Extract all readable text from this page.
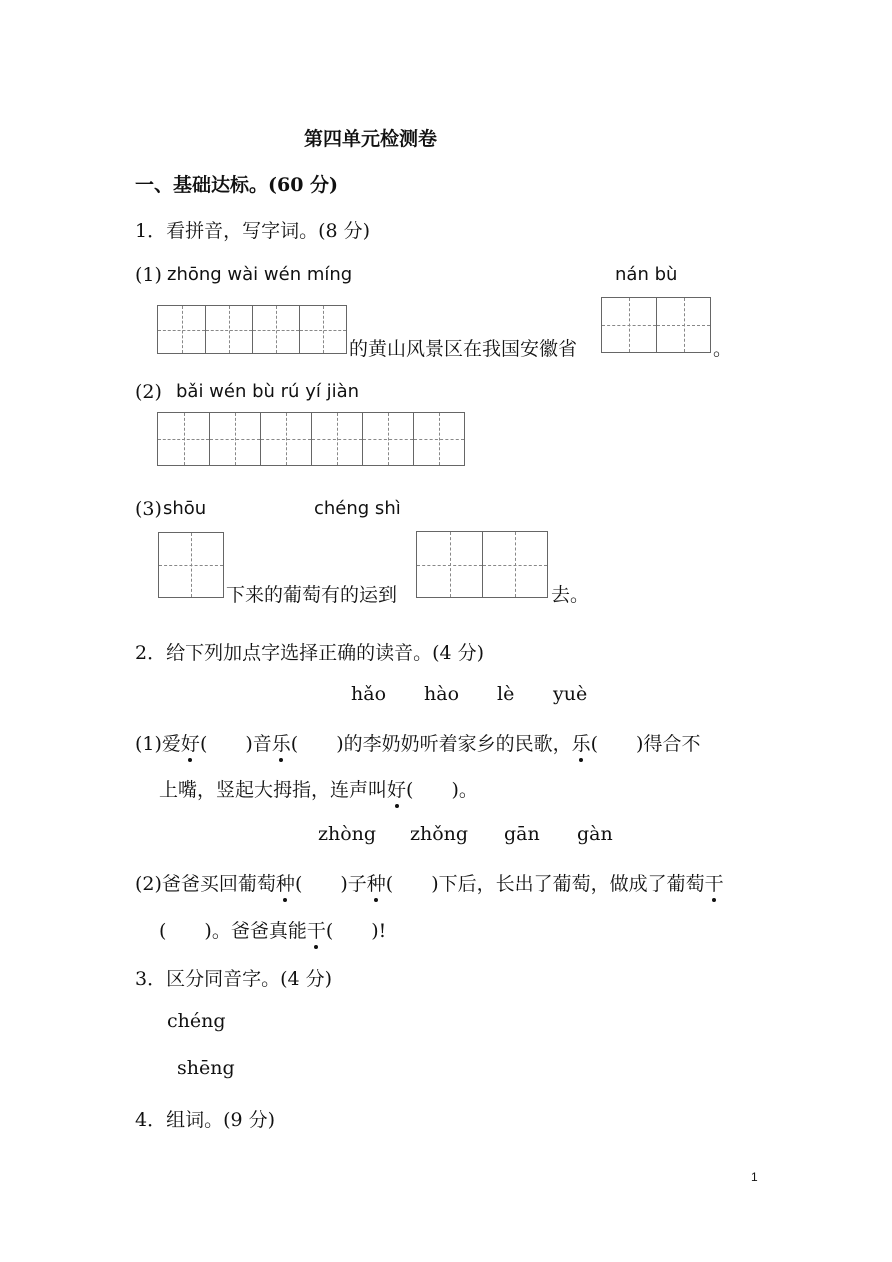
第四单元检测卷
一、基础达标。(60 分)
1．看拼音，写字词。(8 分)
(1) zhōng wài wén míng	nán bù
的黄山风景区在我国安徽省	。
(2) bǎi wén bù rú yí jiàn
(3) shōu	chéng shì
下来的葡萄有的运到	去。
2．给下列加点字选择正确的读音。(4 分)
hǎo hào lè yuè
(1)爱好(　　)音乐(　　)的李奶奶听着家乡的民歌，乐(　　)得合不
上嘴，竖起大拇指，连声叫好(　　)。
zhòng zhǒng gān gàn
(2)爸爸买回葡萄种(　　)子种(　　)下后，长出了葡萄，做成了葡萄干
(　　)。爸爸真能干(　　)!
3．区分同音字。(4 分)
chéng
shēng
4．组词。(9 分)
1
